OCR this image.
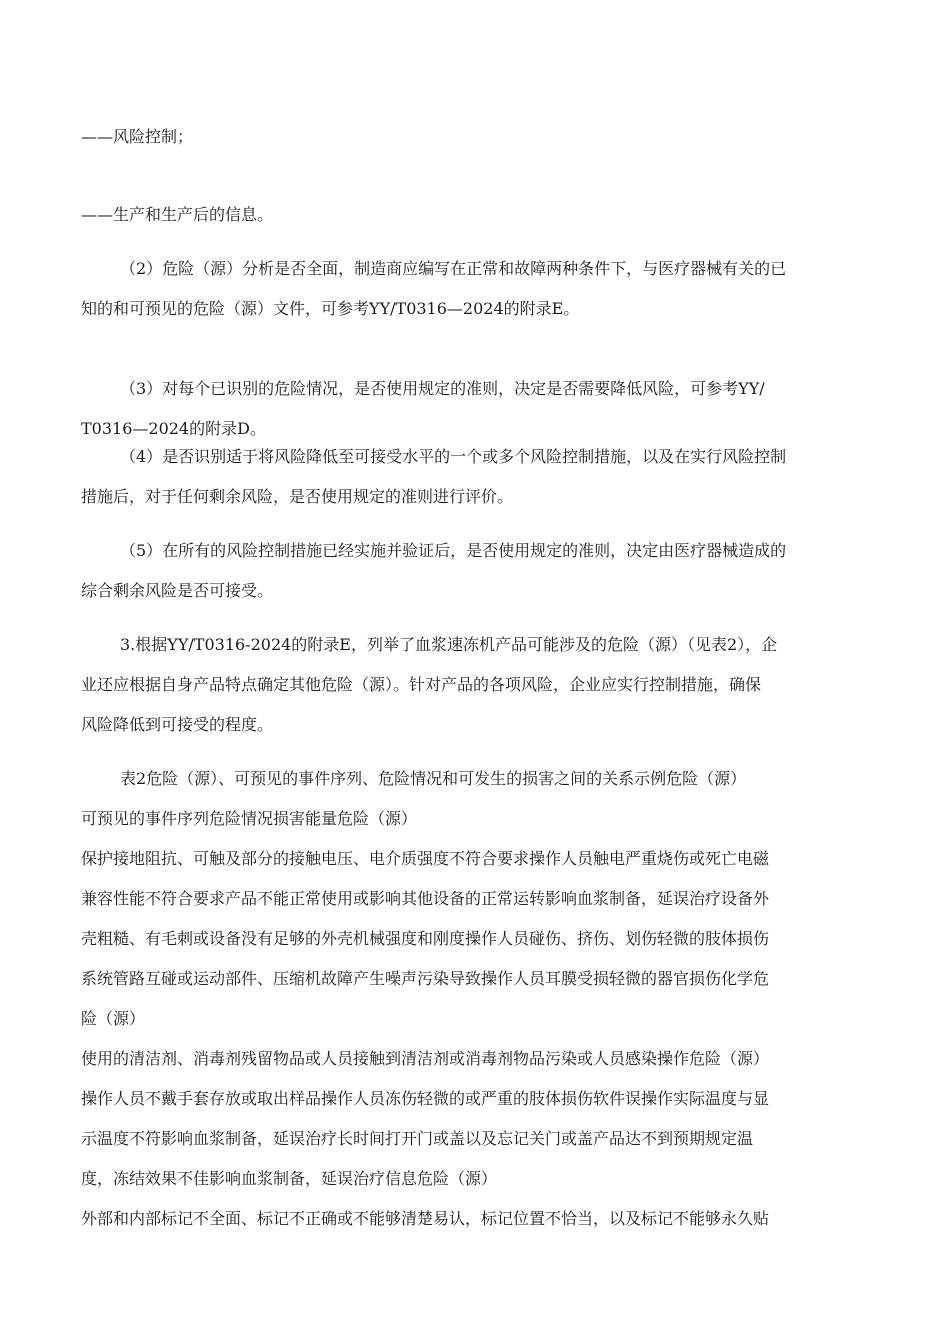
——风险控制；
——生产和生产后的信息。
（2）危险（源）分析是否全面，制造商应编写在正常和故障两种条件下，与医疗器械有关的已
知的和可预见的危险（源）文件，可参考YY/T0316—2024的附录E。
（3）对每个已识别的危险情况，是否使用规定的准则，决定是否需要降低风险，可参考YY/
T0316—2024的附录D。
（4）是否识别适于将风险降低至可接受水平的一个或多个风险控制措施，以及在实行风险控制
措施后，对于任何剩余风险，是否使用规定的准则进行评价。
（5）在所有的风险控制措施已经实施并验证后，是否使用规定的准则，决定由医疗器械造成的
综合剩余风险是否可接受。
3.根据YY/T0316-2024的附录E，列举了血浆速冻机产品可能涉及的危险（源）（见表2），企
业还应根据自身产品特点确定其他危险（源）。针对产品的各项风险，企业应实行控制措施，确保
风险降低到可接受的程度。
表2危险（源）、可预见的事件序列、危险情况和可发生的损害之间的关系示例危险（源）
可预见的事件序列危险情况损害能量危险（源）
保护接地阻抗、可触及部分的接触电压、电介质强度不符合要求操作人员触电严重烧伤或死亡电磁
兼容性能不符合要求产品不能正常使用或影响其他设备的正常运转影响血浆制备，延误治疗设备外
壳粗糙、有毛刺或设备没有足够的外壳机械强度和刚度操作人员碰伤、挤伤、划伤轻微的肢体损伤
系统管路互碰或运动部件、压缩机故障产生噪声污染导致操作人员耳膜受损轻微的器官损伤化学危
险（源）
使用的清洁剂、消毒剂残留物品或人员接触到清洁剂或消毒剂物品污染或人员感染操作危险（源）
操作人员不戴手套存放或取出样品操作人员冻伤轻微的或严重的肢体损伤软件误操作实际温度与显
示温度不符影响血浆制备，延误治疗长时间打开门或盖以及忘记关门或盖产品达不到预期规定温
度，冻结效果不佳影响血浆制备，延误治疗信息危险（源）
外部和内部标记不全面、标记不正确或不能够清楚易认，标记位置不恰当，以及标记不能够永久贴
